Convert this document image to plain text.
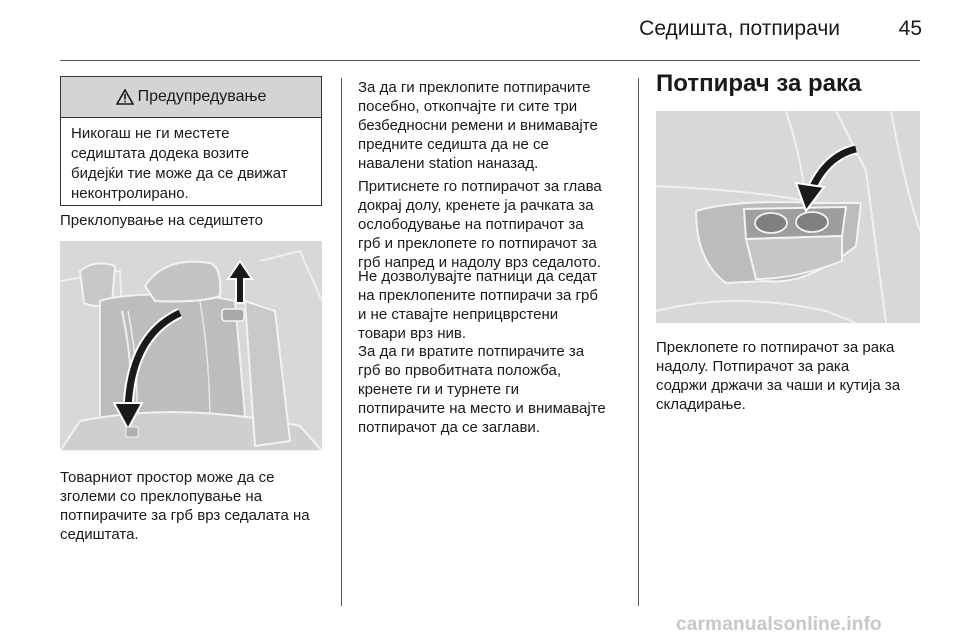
Седишта, потпирачи	45
Предупредување
Никогаш не ги местете
седиштата додека возите
бидејќи тие може да се движат
неконтролирано.
Преклопување на седиштето

Товарниот простор може да се
зголеми со преклопување на
потпирачите за грб врз седалата на
седиштата.

За да ги преклопите потпирачите
посебно, откопчајте ги сите три
безбедносни ремени и внимавајте
предните седишта да не се
навалени station наназад.

Притиснете го потпирачот за глава
докрај долу, кренете ја рачката за
ослободување на потпирачот за
грб и преклопете го потпирачот за
грб напред и надолу врз седалото.

Не дозволувајте патници да седат
на преклопените потпирачи за грб
и не ставајте неприцврстени
товари врз нив.

За да ги вратите потпирачите за
грб во првобитната положба,
кренете ги и турнете ги
потпирачите на место и внимавајте
потпирачот да се заглави.

Потпирач за рака

Преклопете го потпирачот за рака
надолу. Потпирачот за рака
содржи држачи за чаши и кутија за
складирање.

carmanualsonline.info
